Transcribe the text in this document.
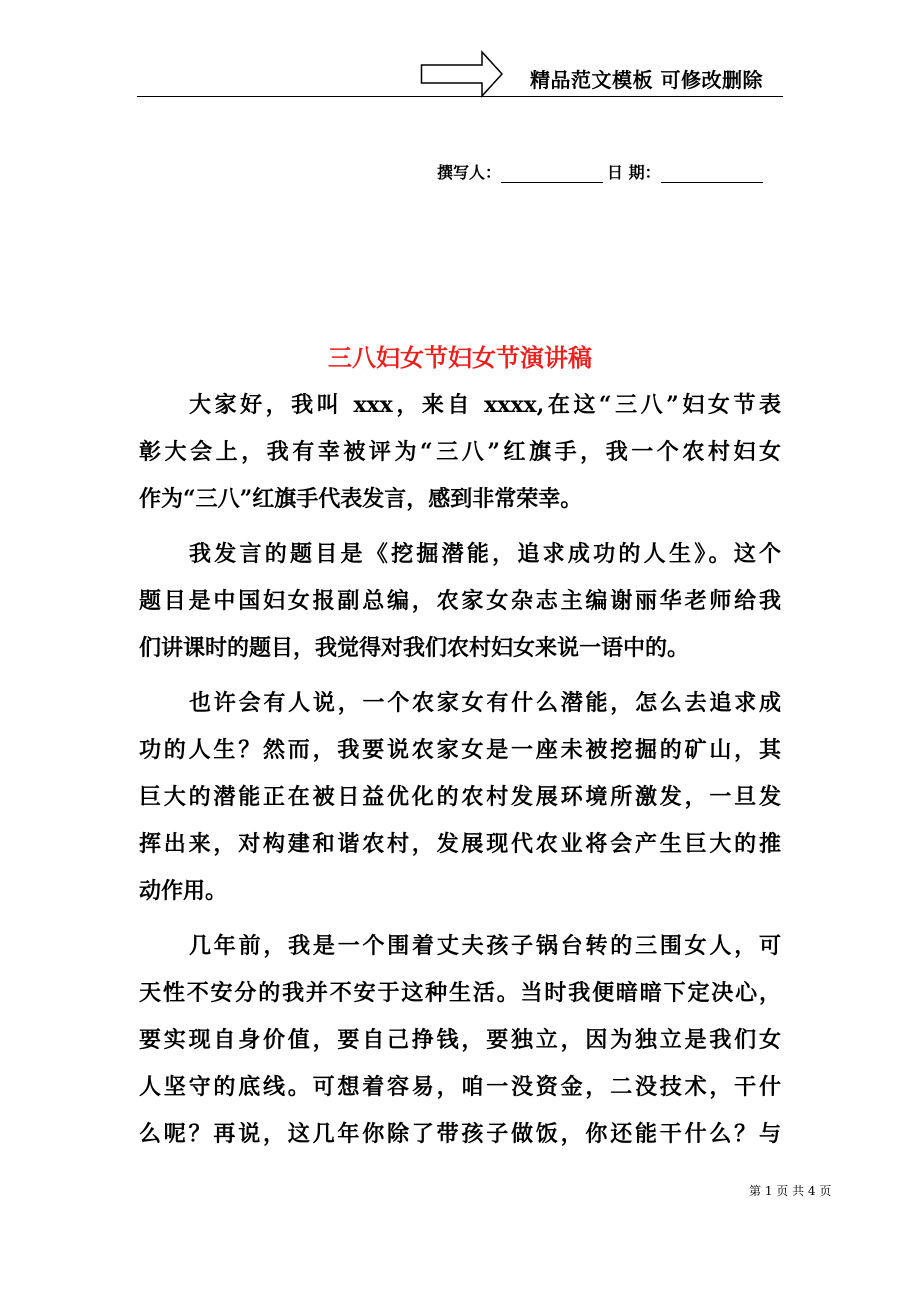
精品范文模板 可修改删除
撰写人：	日 期：
三八妇女节妇女节演讲稿
大家好，我叫 xxx，来自 xxxx,在这“三八”妇女节表
彰大会上，我有幸被评为“三八”红旗手，我一个农村妇女
作为“三八”红旗手代表发言，感到非常荣幸。
我发言的题目是《挖掘潜能，追求成功的人生》。这个
题目是中国妇女报副总编，农家女杂志主编谢丽华老师给我
们讲课时的题目，我觉得对我们农村妇女来说一语中的。
也许会有人说，一个农家女有什么潜能，怎么去追求成
功的人生？然而，我要说农家女是一座未被挖掘的矿山，其
巨大的潜能正在被日益优化的农村发展环境所激发，一旦发
挥出来，对构建和谐农村，发展现代农业将会产生巨大的推
动作用。
几年前，我是一个围着丈夫孩子锅台转的三围女人，可
天性不安分的我并不安于这种生活。当时我便暗暗下定决心，
要实现自身价值，要自己挣钱，要独立，因为独立是我们女
人坚守的底线。可想着容易，咱一没资金，二没技术，干什
么呢？再说，这几年你除了带孩子做饭，你还能干什么？与
第 1 页 共 4 页
